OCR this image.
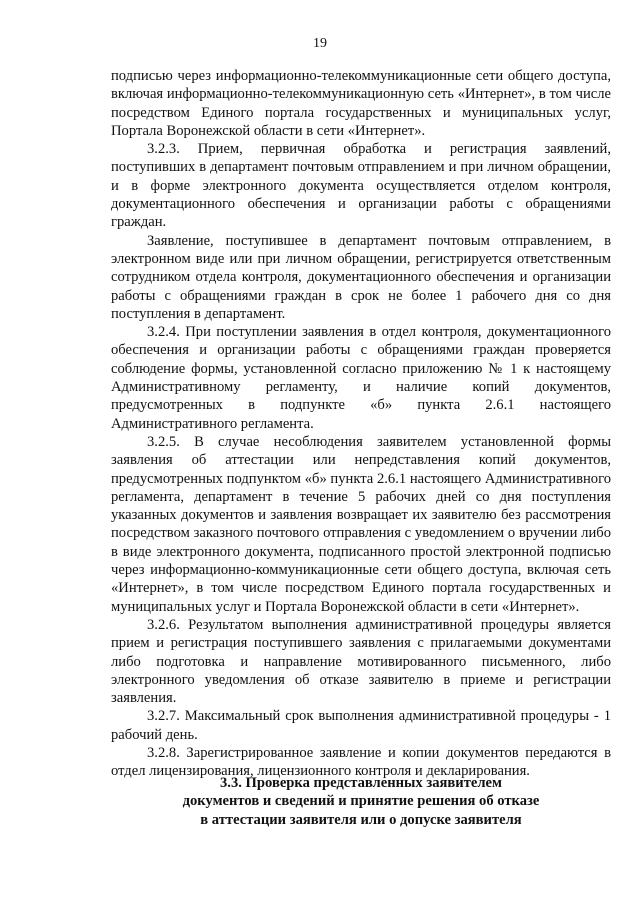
19

подписью через информационно-телекоммуникационные сети общего доступа, включая информационно-телекоммуникационную сеть «Интернет», в том числе посредством Единого портала государственных и муниципальных услуг, Портала Воронежской области в сети «Интернет».

3.2.3. Прием, первичная обработка и регистрация заявлений, поступивших в департамент почтовым отправлением и при личном обращении, и в форме электронного документа осуществляется отделом контроля, документационного обеспечения и организации работы с обращениями граждан.

Заявление, поступившее в департамент почтовым отправлением, в электронном виде или при личном обращении, регистрируется ответственным сотрудником отдела контроля, документационного обеспечения и организации работы с обращениями граждан в срок не более 1 рабочего дня со дня поступления в департамент.

3.2.4. При поступлении заявления в отдел контроля, документационного обеспечения и организации работы с обращениями граждан проверяется соблюдение формы, установленной согласно приложению № 1 к настоящему Административному регламенту, и наличие копий документов, предусмотренных в подпункте «б» пункта 2.6.1 настоящего Административного регламента.

3.2.5. В случае несоблюдения заявителем установленной формы заявления об аттестации или непредставления копий документов, предусмотренных подпунктом «б» пункта 2.6.1 настоящего Административного регламента, департамент в течение 5 рабочих дней со дня поступления указанных документов и заявления возвращает их заявителю без рассмотрения посредством заказного почтового отправления с уведомлением о вручении либо в виде электронного документа, подписанного простой электронной подписью через информационно-коммуникационные сети общего доступа, включая сеть «Интернет», в том числе посредством Единого портала государственных и муниципальных услуг и Портала Воронежской области в сети «Интернет».

3.2.6. Результатом выполнения административной процедуры является прием и регистрация поступившего заявления с прилагаемыми документами либо подготовка и направление мотивированного письменного, либо электронного уведомления об отказе заявителю в приеме и регистрации заявления.

3.2.7. Максимальный срок выполнения административной процедуры - 1 рабочий день.

3.2.8. Зарегистрированное заявление и копии документов передаются в отдел лицензирования, лицензионного контроля и декларирования.

3.3. Проверка представленных заявителем
документов и сведений и принятие решения об отказе
в аттестации заявителя или о допуске заявителя
